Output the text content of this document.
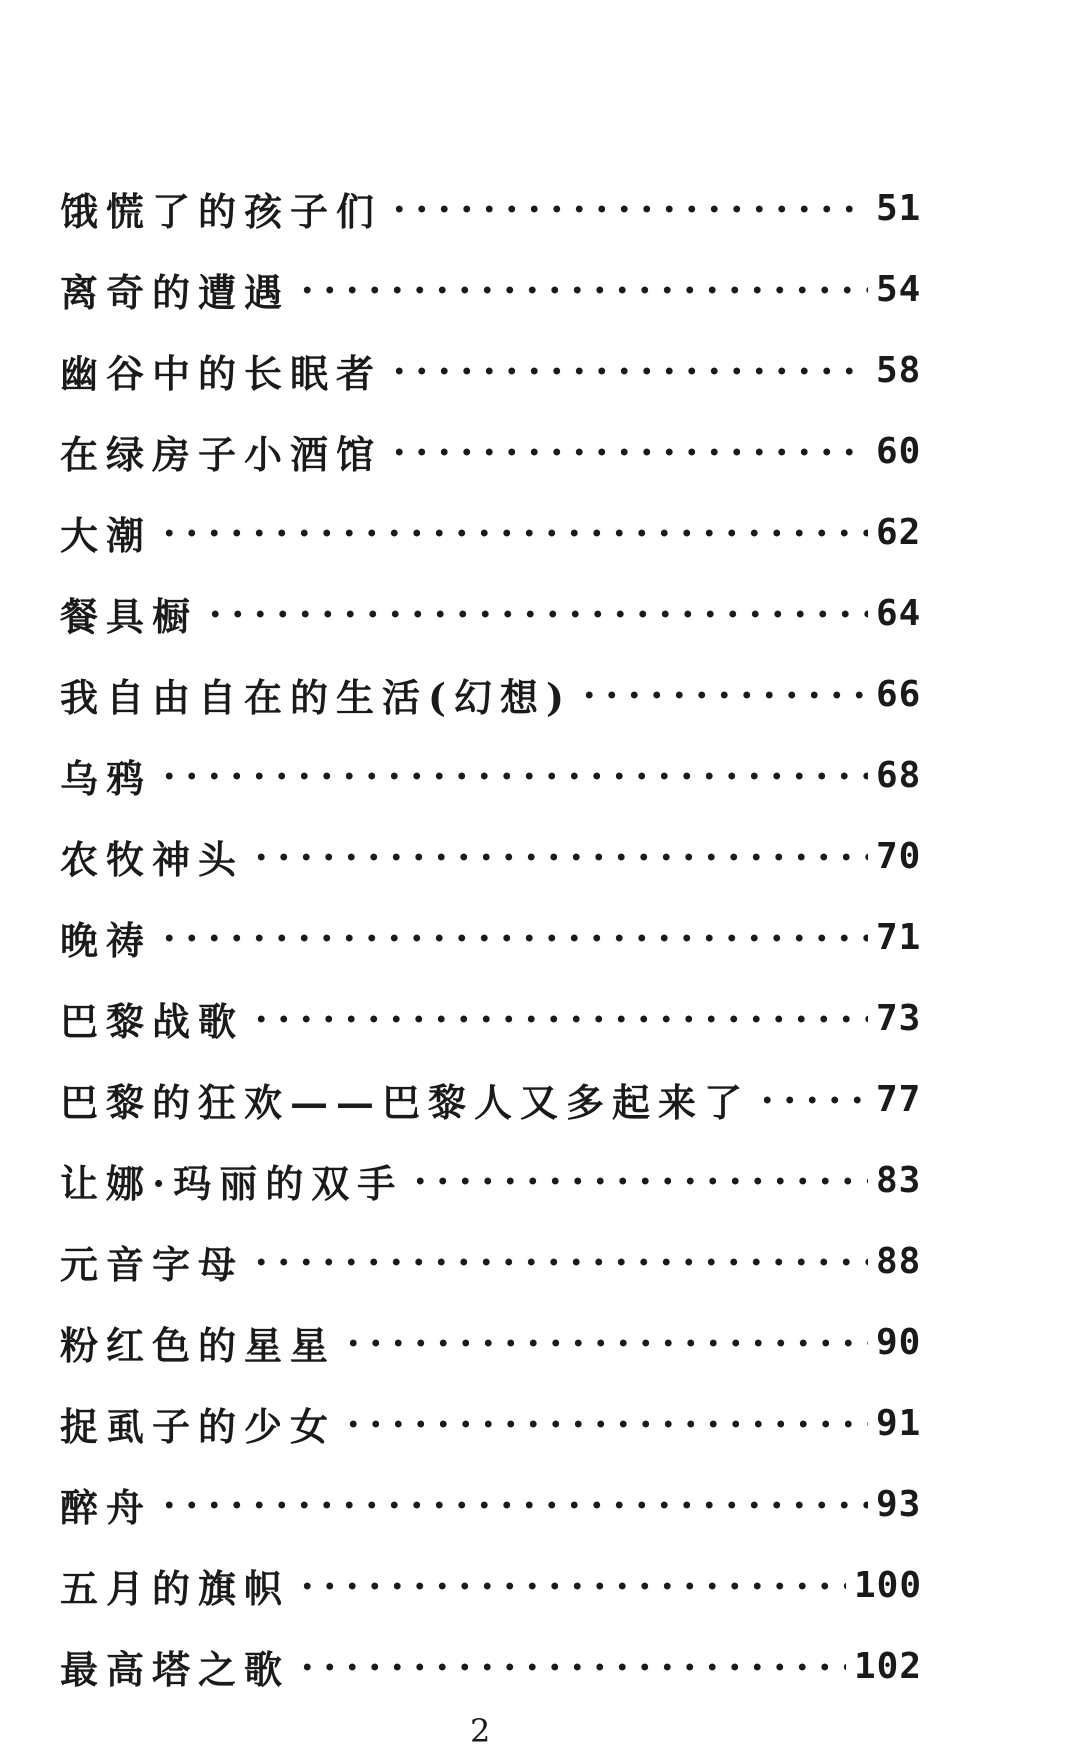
饿慌了的孩子们	51
离奇的遭遇	54
幽谷中的长眠者	58
在绿房子小酒馆	60
大潮	62
餐具橱	64
我自由自在的生活(幻想)	66
乌鸦	68
农牧神头	70
晚祷	71
巴黎战歌	73
巴黎的狂欢——巴黎人又多起来了	77
让娜·玛丽的双手	83
元音字母	88
粉红色的星星	90
捉虱子的少女	91
醉舟	93
五月的旗帜	100
最高塔之歌	102
2
